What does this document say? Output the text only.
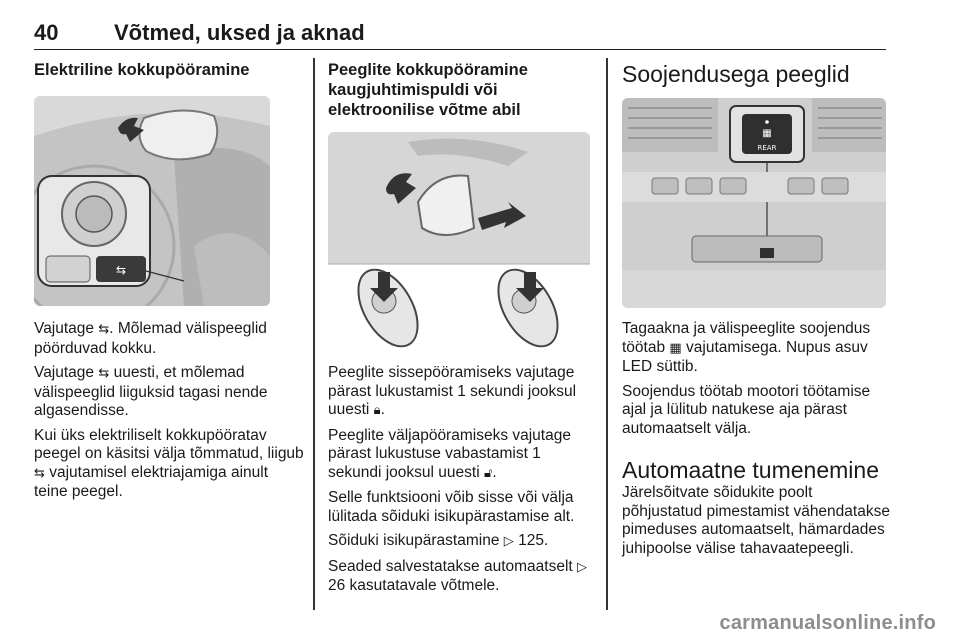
40	Võtmed, uksed ja aknad
Elektriline kokkupööramine
⇆

Vajutage ⇆. Mõlemad välispeeglid pöörduvad kokku.

Vajutage ⇆ uuesti, et mõlemad välispeeglid liiguksid tagasi nende algasendisse.

Kui üks elektriliselt kokkupööratav peegel on käsitsi välja tõmmatud, liigub ⇆ vajutamisel elektriajamiga ainult teine peegel.

Peeglite kokkupööramine kaugjuhtimispuldi või elektroonilise võtme abil

Peeglite sissepööramiseks vajutage pärast lukustamist 1 sekundi jooksul uuesti 🔒︎.

Peeglite väljapööramiseks vajutage pärast lukustuse vabastamist 1 sekundi jooksul uuesti 🔓︎.

Selle funktsiooni võib sisse või välja lülitada sõiduki isikupärastamise alt.

Sõiduki isikupärastamine ▷ 125.

Seaded salvestatakse automaatselt ▷ 26 kasutatavale võtmele.

Soojendusega peeglid
▦
REAR

Tagaakna ja välispeeglite soojendus töötab ▦ vajutamisega. Nupus asuv LED süttib.

Soojendus töötab mootori töötamise ajal ja lülitub natukese aja pärast automaatselt välja.

Automaatne tumenemine

Järelsõitvate sõidukite poolt põhjustatud pimestamist vähendatakse pimeduses automaatselt, hämardades juhipoolse välise tahavaatepeegli.

carmanualsonline.info
